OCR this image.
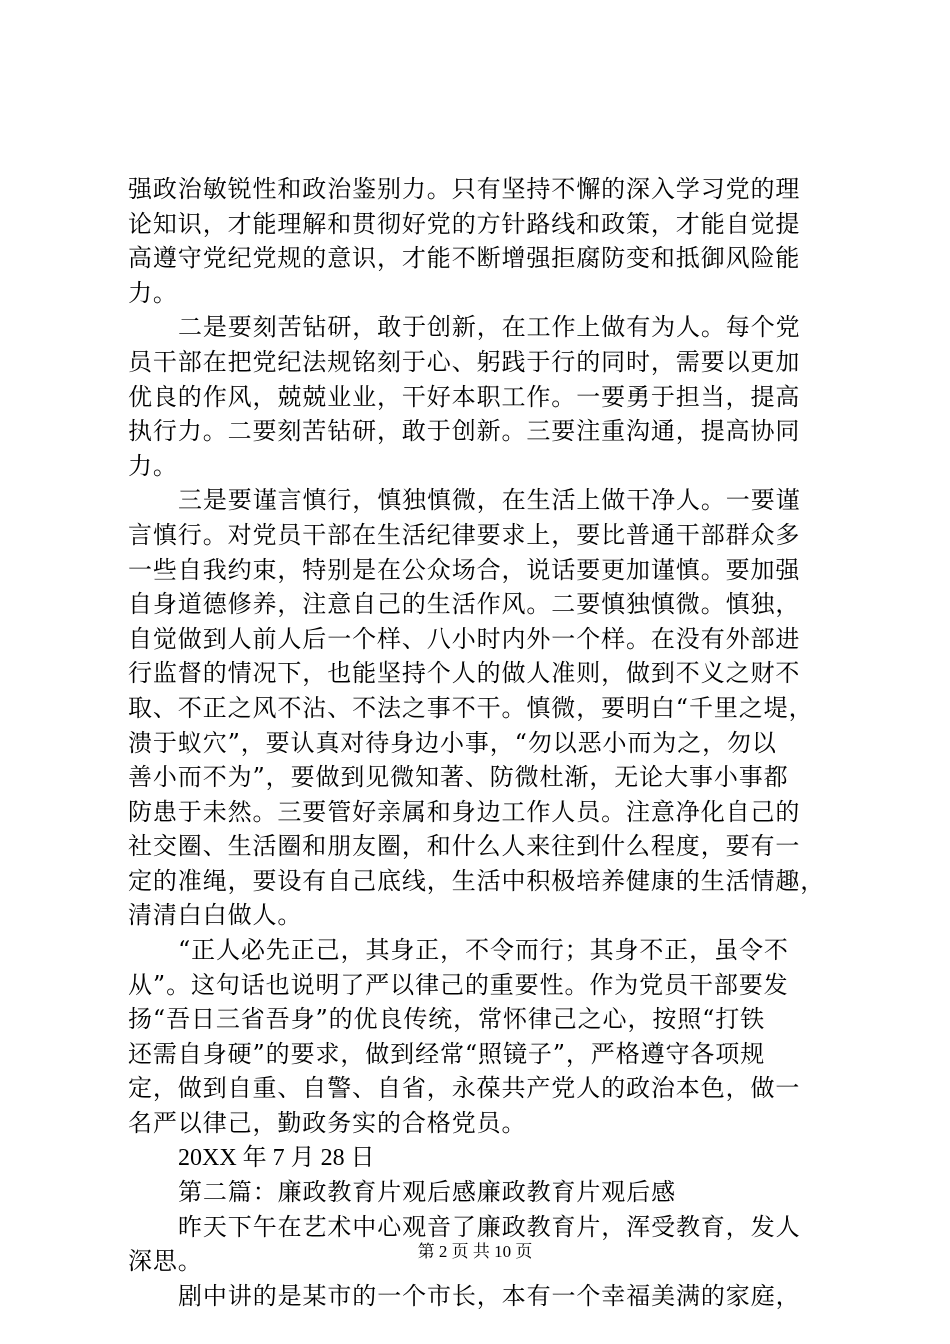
强政治敏锐性和政治鉴别力。只有坚持不懈的深入学习党的理
论知识，才能理解和贯彻好党的方针路线和政策，才能自觉提
高遵守党纪党规的意识，才能不断增强拒腐防变和抵御风险能
力。
二是要刻苦钻研，敢于创新，在工作上做有为人。每个党
员干部在把党纪法规铭刻于心、躬践于行的同时，需要以更加
优良的作风，兢兢业业，干好本职工作。一要勇于担当，提高
执行力。二要刻苦钻研，敢于创新。三要注重沟通，提高协同
力。
三是要谨言慎行，慎独慎微，在生活上做干净人。一要谨
言慎行。对党员干部在生活纪律要求上，要比普通干部群众多
一些自我约束，特别是在公众场合，说话要更加谨慎。要加强
自身道德修养，注意自己的生活作风。二要慎独慎微。慎独，
自觉做到人前人后一个样、八小时内外一个样。在没有外部进
行监督的情况下，也能坚持个人的做人准则，做到不义之财不
取、不正之风不沾、不法之事不干。慎微，要明白“千里之堤，
溃于蚁穴”，要认真对待身边小事，“勿以恶小而为之，勿以
善小而不为”，要做到见微知著、防微杜渐，无论大事小事都
防患于未然。三要管好亲属和身边工作人员。注意净化自己的
社交圈、生活圈和朋友圈，和什么人来往到什么程度，要有一
定的准绳，要设有自己底线，生活中积极培养健康的生活情趣，
清清白白做人。
“正人必先正己，其身正，不令而行；其身不正，虽令不
从”。这句话也说明了严以律己的重要性。作为党员干部要发
扬“吾日三省吾身”的优良传统，常怀律己之心，按照“打铁
还需自身硬”的要求，做到经常“照镜子”，严格遵守各项规
定，做到自重、自警、自省，永葆共产党人的政治本色，做一
名严以律己，勤政务实的合格党员。
20XX 年 7 月 28 日
第二篇：廉政教育片观后感廉政教育片观后感
昨天下午在艺术中心观音了廉政教育片，浑受教育，发人
深思。
剧中讲的是某市的一个市长，本有一个幸福美满的家庭，
第 2 页 共 10 页
